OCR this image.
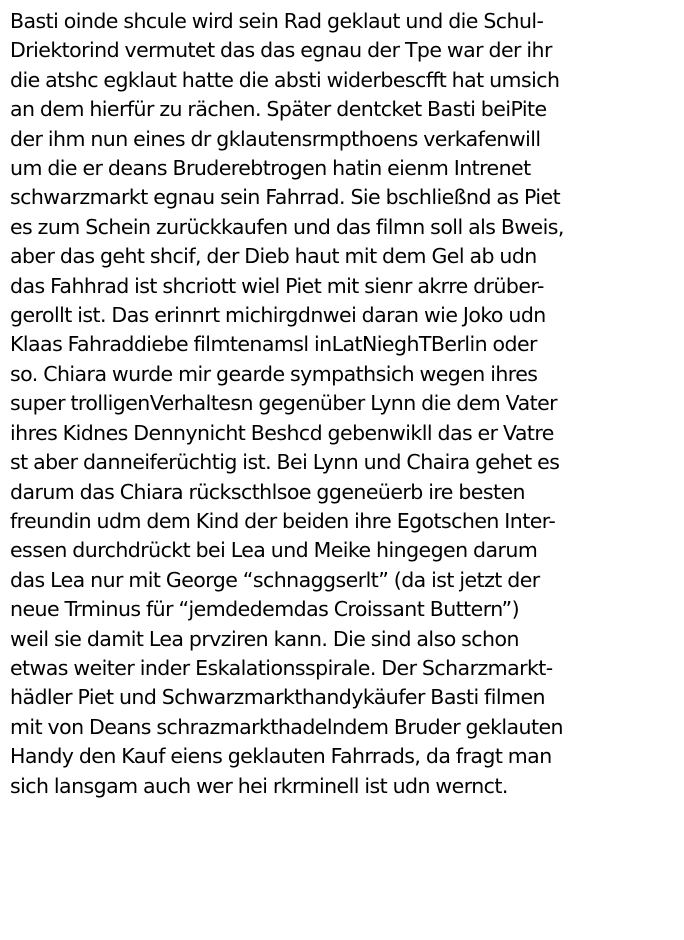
Basti oinde shcule wird sein Rad geklaut und die Schul-
Driektorind vermutet das das egnau der Tpe war der ihr
die atshc egklaut hatte die absti widerbescfft hat umsich
an dem hierfür zu rächen. Später dentcket Basti beiPite
der ihm nun eines dr gklautensrmpthoens verkafenwill
um die er deans Bruderebtrogen hatin eienm Intrenet
schwarzmarkt egnau sein Fahrrad. Sie bschließnd as Piet
es zum Schein zurückkaufen und das filmn soll als Bweis,
aber das geht shcif, der Dieb haut mit dem Gel ab udn
das Fahhrad ist shcriott wiel Piet mit sienr akrre drüber-
gerollt ist. Das erinnrt michirgdnwei daran wie Joko udn
Klaas Fahraddiebe filmtenamsl inLatNieghTBerlin oder
so. Chiara wurde mir gearde sympathsich wegen ihres
super trolligenVerhaltesn gegenüber Lynn die dem Vater
ihres Kidnes Dennynicht Beshcd gebenwikll das er Vatre
st aber danneiferüchtig ist. Bei Lynn und Chaira gehet es
darum das Chiara rückscthlsoe ggeneüerb ire besten
freundin udm dem Kind der beiden ihre Egotschen Inter-
essen durchdrückt bei Lea und Meike hingegen darum
das Lea nur mit George “schnaggserlt” (da ist jetzt der
neue Trminus für “jemdedemdas Croissant Buttern”)
weil sie damit Lea prvziren kann. Die sind also schon
etwas weiter inder Eskalationsspirale. Der Scharzmarkt-
hädler Piet und Schwarzmarkthandykäufer Basti filmen
mit von Deans schrazmarkthadelndem Bruder geklauten
Handy den Kauf eiens geklauten Fahrrads, da fragt man
sich lansgam auch wer hei rkrminell ist udn wernct.
